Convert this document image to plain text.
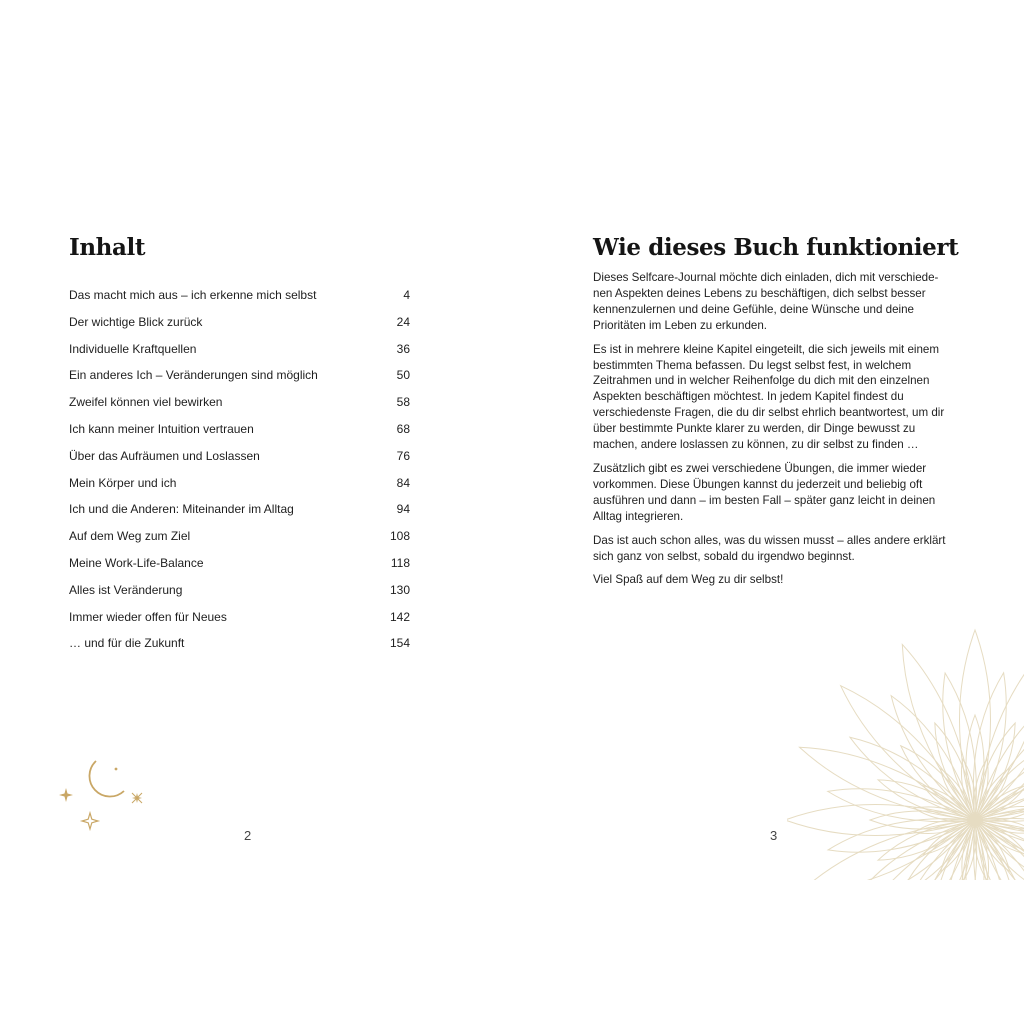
Inhalt
Das macht mich aus – ich erkenne mich selbst	4
Der wichtige Blick zurück	24
Individuelle Kraftquellen	36
Ein anderes Ich – Veränderungen sind möglich	50
Zweifel können viel bewirken	58
Ich kann meiner Intuition vertrauen	68
Über das Aufräumen und Loslassen	76
Mein Körper und ich	84
Ich und die Anderen: Miteinander im Alltag	94
Auf dem Weg zum Ziel	108
Meine Work-Life-Balance	118
Alles ist Veränderung	130
Immer wieder offen für Neues	142
… und für die Zukunft	154
2
Wie dieses Buch funktioniert

Dieses Selfcare-Journal möchte dich einladen, dich mit verschiede-nen Aspekten deines Lebens zu beschäftigen, dich selbst besser kennenzulernen und deine Gefühle, deine Wünsche und deine Prioritäten im Leben zu erkunden.

Es ist in mehrere kleine Kapitel eingeteilt, die sich jeweils mit einem bestimmten Thema befassen. Du legst selbst fest, in welchem Zeitrahmen und in welcher Reihenfolge du dich mit den einzelnen Aspekten beschäftigen möchtest. In jedem Kapitel findest du verschiedenste Fragen, die du dir selbst ehrlich beantwortest, um dir über bestimmte Punkte klarer zu werden, dir Dinge bewusst zu machen, andere loslassen zu können, zu dir selbst zu finden …

Zusätzlich gibt es zwei verschiedene Übungen, die immer wieder vorkommen. Diese Übungen kannst du jederzeit und beliebig oft ausführen und dann – im besten Fall – später ganz leicht in deinen Alltag integrieren.

Das ist auch schon alles, was du wissen musst – alles andere erklärt sich ganz von selbst, sobald du irgendwo beginnst.

Viel Spaß auf dem Weg zu dir selbst!

3
